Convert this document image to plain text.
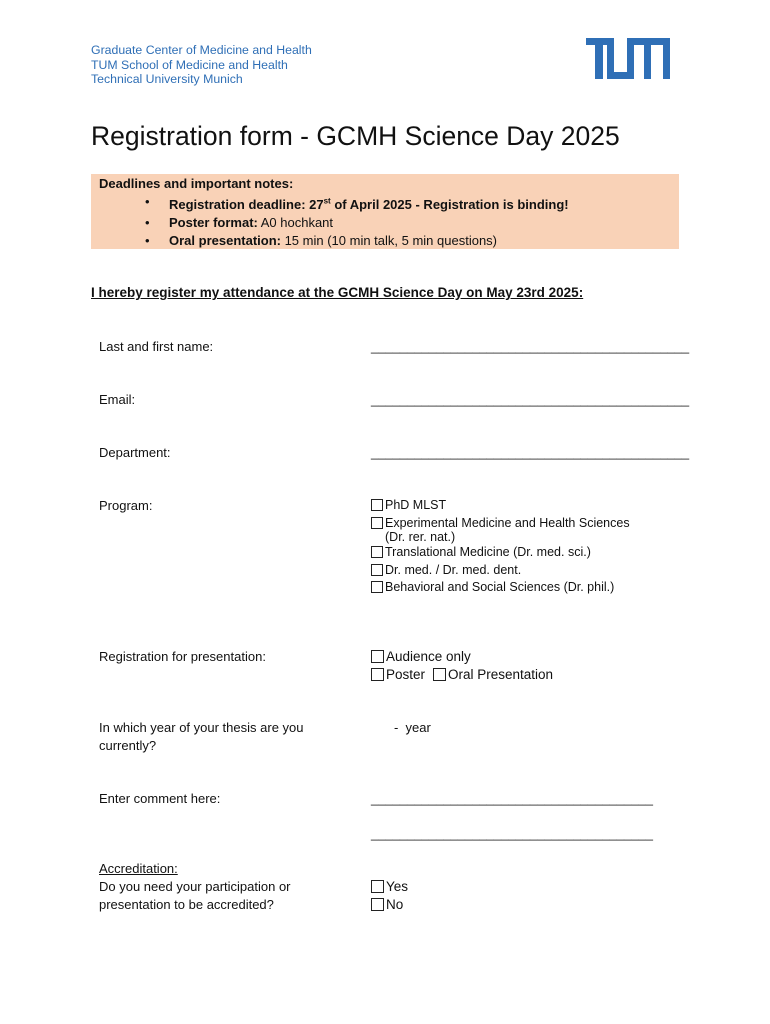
Graduate Center of Medicine and Health
TUM School of Medicine and Health
Technical University Munich
Registration form - GCMH Science Day 2025
Deadlines and important notes:
• Registration deadline: 27st of April 2025 - Registration is binding!
• Poster format: A0 hochkant
• Oral presentation: 15 min (10 min talk, 5 min questions)
I hereby register my attendance at the GCMH Science Day on May 23rd 2025:
Last and first name:	____________________________________________
Email:	____________________________________________
Department:	____________________________________________
Program:	PhD MLST
Experimental Medicine and Health Sciences
(Dr. rer. nat.)
Translational Medicine (Dr. med. sci.)
Dr. med. / Dr. med. dent.
Behavioral and Social Sciences (Dr. phil.)
Registration for presentation:	Audience only
Poster Oral Presentation
In which year of your thesis are you
currently?
-  year
Enter comment here:	_______________________________________
_______________________________________
Accreditation:
Do you need your participation or
presentation to be accredited?
Yes
No
